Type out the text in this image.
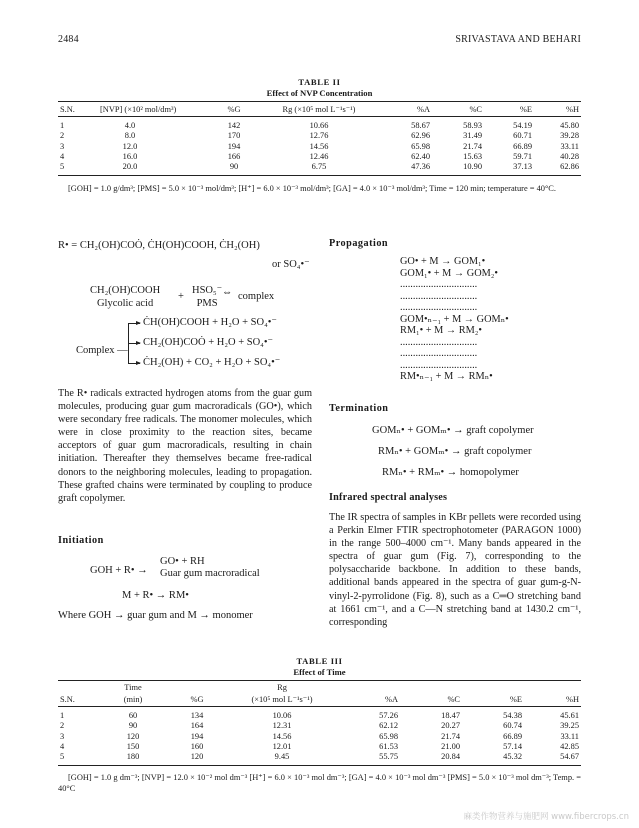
2484	SRIVASTAVA AND BEHARI
TABLE II
Effect of NVP Concentration
S.N.	[NVP] (×10² mol/dm³)	%G	Rg (×10⁵ mol L⁻¹s⁻¹)	%A	%C	%E	%H
1	4.0	142	10.66	58.67	58.93	54.19	45.80
2	8.0	170	12.76	62.96	31.49	60.71	39.28
3	12.0	194	14.56	65.98	21.74	66.89	33.11
4	16.0	166	12.46	62.40	15.63	59.71	40.28
5	20.0	90	6.75	47.36	10.90	37.13	62.86
[GOH] = 1.0 g/dm³; [PMS] = 5.0 × 10⁻³ mol/dm³; [H⁺] = 6.0 × 10⁻³ mol/dm³; [GA] = 4.0 × 10⁻³ mol/dm³; Time = 120 min; temperature = 40°C.
R• = CH₂(OH)COȮ, ĊH(OH)COOH, ĊH₂(OH)
or SO₄•⁻
CH₂(OH)COOH
Glycolic acid
+
HSO₅⁻
PMS
⇔ complex
Complex —
ĊH(OH)COOH + H₂O + SO₄•⁻
CH₂(OH)COȮ + H₂O + SO₄•⁻
ĊH₂(OH) + CO₂ + H₂O + SO₄•⁻
The R• radicals extracted hydrogen atoms from the guar gum molecules, producing guar gum macroradicals (GO•), which were secondary free radicals. The monomer molecules, which were in close proximity to the reaction sites, became acceptors of guar gum macroradicals, resulting in chain initiation. Thereafter they themselves became free-radical donors to the neighboring molecules, leading to propagation. These grafted chains were terminated by coupling to produce graft copolymer.
Initiation
GOH + R• →
GO• + RH
Guar gum macroradical
M + R• → RM•
Where GOH → guar gum and M → monomer
Propagation
GO• + M → GOM₁•
GOM₁• + M → GOM₂•
..............................
..............................
..............................
GOM•ₙ₋₁ + M → GOMₙ•
RM₁• + M → RM₂•
..............................
..............................
..............................
RM•ₙ₋₁ + M → RMₙ•
Termination
GOMₙ• + GOMₘ• → graft copolymer
RMₙ• + GOMₘ• → graft copolymer
RMₙ• + RMₘ• → homopolymer
Infrared spectral analyses
The IR spectra of samples in KBr pellets were recorded using a Perkin Elmer FTIR spectrophotometer (PARAGON 1000) in the range 500–4000 cm⁻¹. Many bands appeared in the spectra of guar gum (Fig. 7), corresponding to the polysaccharide backbone. In addition to these bands, additional bands appeared in the spectra of guar gum-g-N-vinyl-2-pyrrolidone (Fig. 8), such as a C═O stretching band at 1661 cm⁻¹, and a C—N stretching band at 1430.2 cm⁻¹, corresponding
TABLE III
Effect of Time
	Time		Rg				
S.N.	(min)	%G	(×10⁵ mol L⁻¹s⁻¹)	%A	%C	%E	%H
1	60	134	10.06	57.26	18.47	54.38	45.61
2	90	164	12.31	62.12	20.27	60.74	39.25
3	120	194	14.56	65.98	21.74	66.89	33.11
4	150	160	12.01	61.53	21.00	57.14	42.85
5	180	120	9.45	55.75	20.84	45.32	54.67
[GOH] = 1.0 g dm⁻³; [NVP] = 12.0 × 10⁻² mol dm⁻³ [H⁺] = 6.0 × 10⁻³ mol dm⁻³; [GA] = 4.0 × 10⁻³ mol dm⁻³ [PMS] = 5.0 × 10⁻³ mol dm⁻³; Temp. = 40°C
麻类作物营养与施肥网 www.fibercrops.cn
